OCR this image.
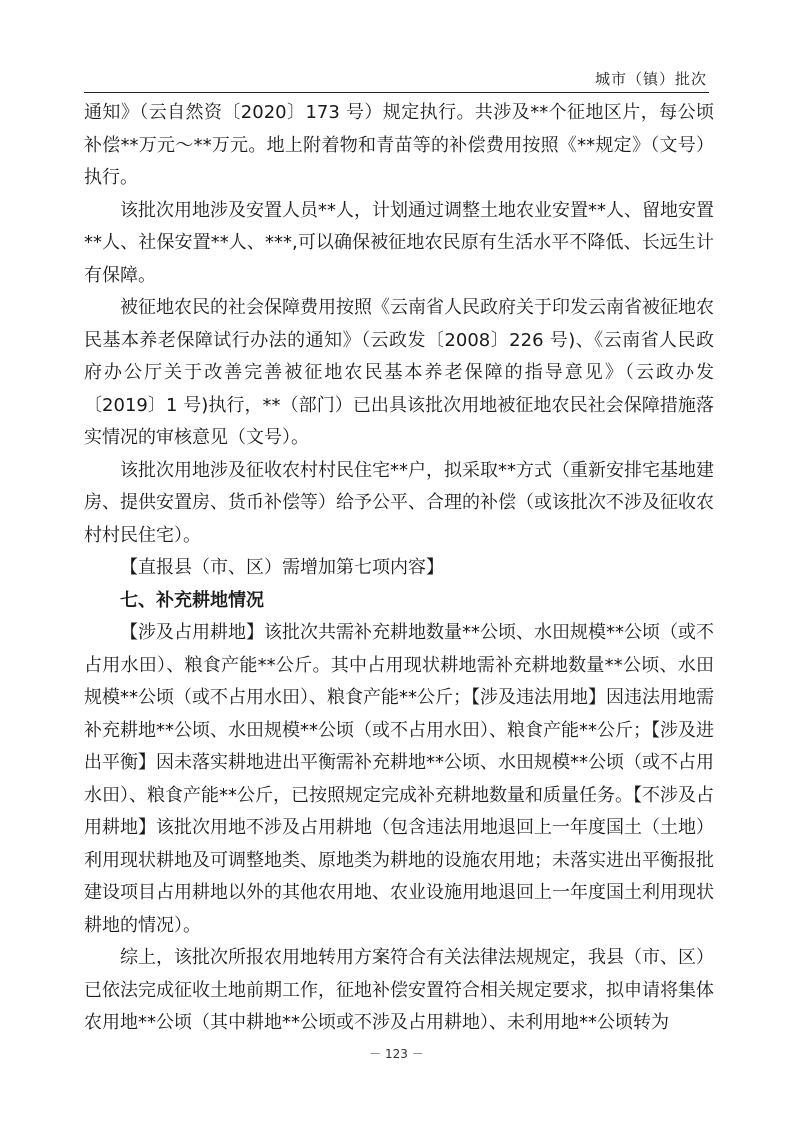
城市（镇）批次

通知》（云自然资〔2020〕173 号）规定执行。共涉及**个征地区片，每公顷补偿**万元～**万元。地上附着物和青苗等的补偿费用按照《**规定》（文号）执行。

该批次用地涉及安置人员**人，计划通过调整土地农业安置**人、留地安置**人、社保安置**人、***,可以确保被征地农民原有生活水平不降低、长远生计有保障。

被征地农民的社会保障费用按照《云南省人民政府关于印发云南省被征地农民基本养老保障试行办法的通知》（云政发〔2008〕226 号)、《云南省人民政府办公厅关于改善完善被征地农民基本养老保障的指导意见》（云政办发〔2019〕1 号)执行，**（部门）已出具该批次用地被征地农民社会保障措施落实情况的审核意见（文号）。

该批次用地涉及征收农村村民住宅**户，拟采取**方式（重新安排宅基地建房、提供安置房、货币补偿等）给予公平、合理的补偿（或该批次不涉及征收农村村民住宅）。

【直报县（市、区）需增加第七项内容】

七、补充耕地情况

【涉及占用耕地】该批次共需补充耕地数量**公顷、水田规模**公顷（或不占用水田）、粮食产能**公斤。其中占用现状耕地需补充耕地数量**公顷、水田规模**公顷（或不占用水田）、粮食产能**公斤；【涉及违法用地】因违法用地需补充耕地**公顷、水田规模**公顷（或不占用水田）、粮食产能**公斤；【涉及进出平衡】因未落实耕地进出平衡需补充耕地**公顷、水田规模**公顷（或不占用水田）、粮食产能**公斤，已按照规定完成补充耕地数量和质量任务。【不涉及占用耕地】该批次用地不涉及占用耕地（包含违法用地退回上一年度国土（土地）利用现状耕地及可调整地类、原地类为耕地的设施农用地；未落实进出平衡报批建设项目占用耕地以外的其他农用地、农业设施用地退回上一年度国土利用现状耕地的情况）。

综上，该批次所报农用地转用方案符合有关法律法规规定，我县（市、区）已依法完成征收土地前期工作，征地补偿安置符合相关规定要求，拟申请将集体农用地**公顷（其中耕地**公顷或不涉及占用耕地）、未利用地**公顷转为

－ 123 －
